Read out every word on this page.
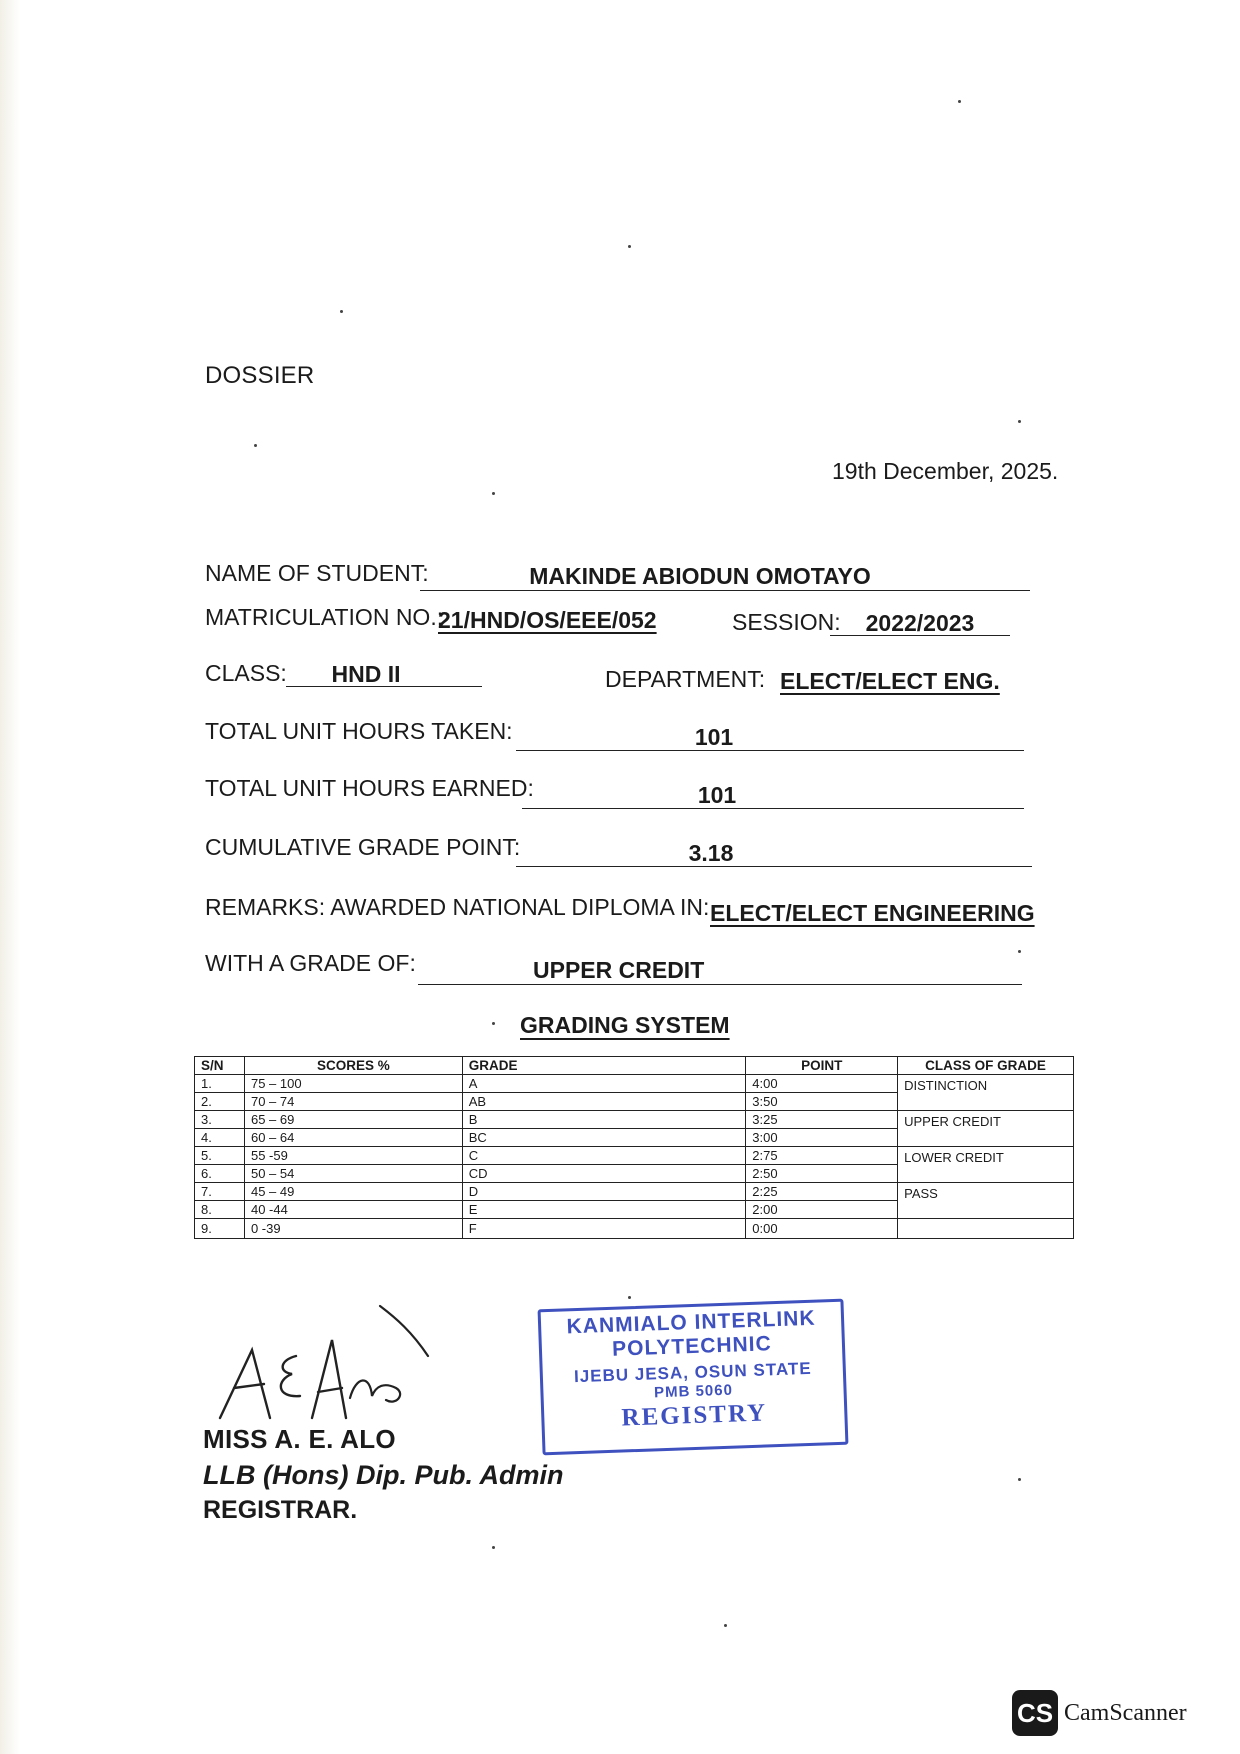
DOSSIER
19th December, 2025.
NAME OF STUDENT:	MAKINDE ABIODUN OMOTAYO
MATRICULATION NO.:
21/HND/OS/EEE/052	SESSION:	2022/2023
CLASS:	HND II	DEPARTMENT: ELECT/ELECT ENG.
TOTAL UNIT HOURS TAKEN:	101
TOTAL UNIT HOURS EARNED:	101
CUMULATIVE GRADE POINT:	3.18
REMARKS: AWARDED NATIONAL DIPLOMA IN: ELECT/ELECT ENGINEERING
WITH A GRADE OF:	UPPER CREDIT
GRADING SYSTEM
S/N	SCORES %	GRADE	POINT	CLASS OF GRADE
1.	75 – 100	A	4:00	DISTINCTION
2.	70 – 74	AB	3:50	
3.	65 – 69	B	3:25	UPPER CREDIT
4.	60 – 64	BC	3:00	
5.	55 -59	C	2:75	LOWER CREDIT
6.	50 – 54	CD	2:50	
7.	45 – 49	D	2:25	PASS
8.	40 -44	E	2:00	
9.	0 -39	F	0:00	
MISS A. E. ALO
LLB (Hons) Dip. Pub. Admin
REGISTRAR.
KANMIALO INTERLINK
POLYTECHNIC
IJEBU JESA, OSUN STATE
PMB 5060
REGISTRY
CS CamScanner
